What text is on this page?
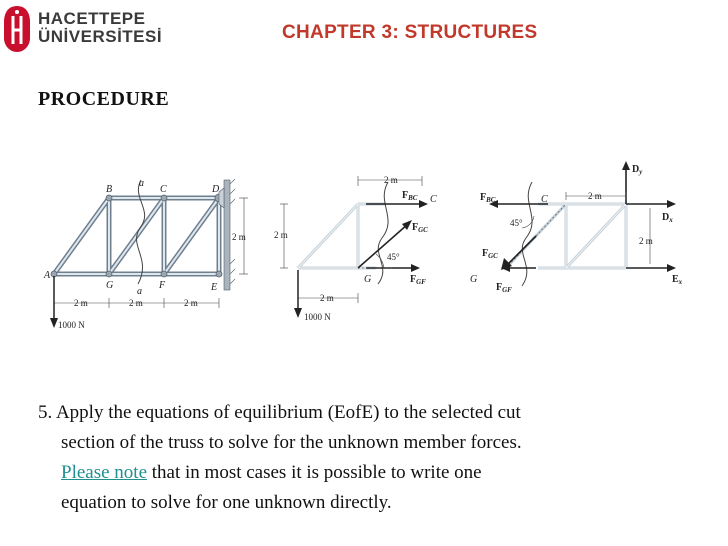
HACETTEPE
ÜNİVERSİTESİ	CHAPTER 3: STRUCTURES
PROCEDURE
A
B	C	D
E
F
G
a
a
2 m
2 m	2 m	2 m
1000 N
2 m
2 m
2 m
1000 N
45°
C
G
$F_{BC}$
$F_{GC}$
$F_{GF}$
2 m
2 m
45°
C
G
$F_{BC}$
$F_{GC}$
$F_{GF}$
$D_y$
$D_x$
$E_x$
5. Apply the equations of equilibrium (EofE) to the selected cut
section of the truss to solve for the unknown member forces.
Please note that in most cases it is possible to write one
equation to solve for one unknown directly.
